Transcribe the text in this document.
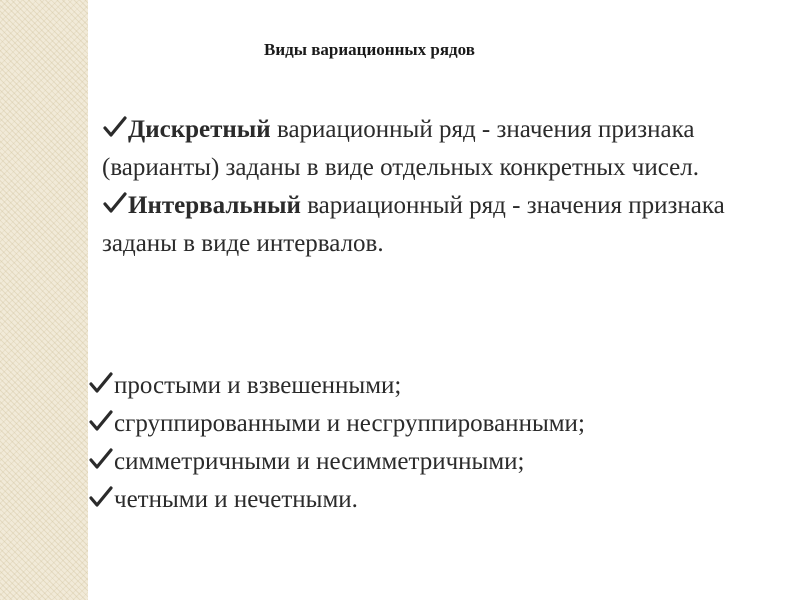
Виды вариационных рядов
Дискретный вариационный ряд - значения признака (варианты) заданы в виде отдельных конкретных чисел.
Интервальный вариационный ряд - значения признака заданы в виде интервалов.
простыми и взвешенными;
сгруппированными и несгруппированными;
симметричными и несимметричными;
четными и нечетными.
